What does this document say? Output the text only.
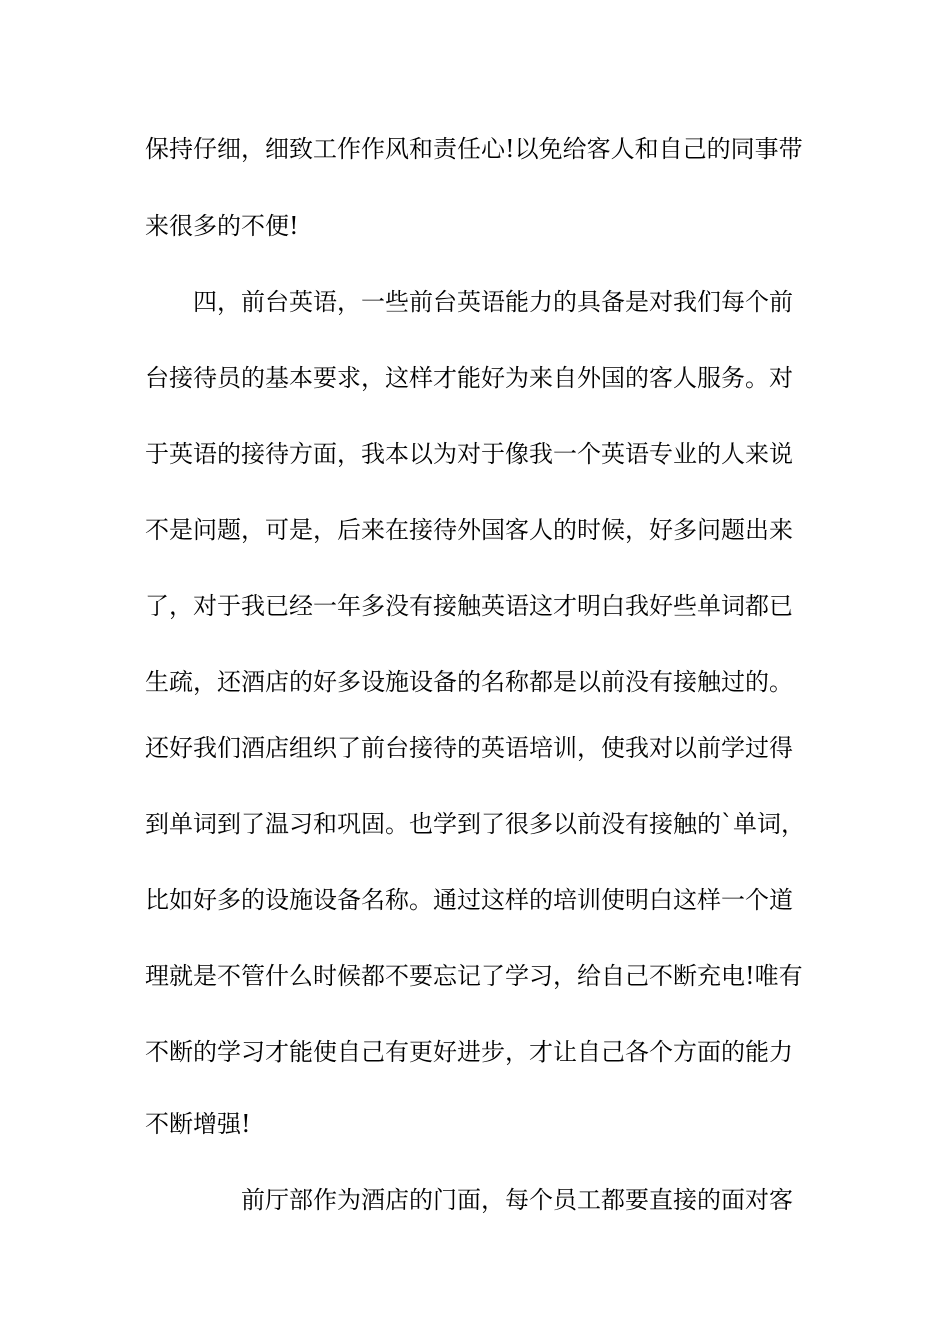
保持仔细，细致工作作风和责任心!以免给客人和自己的同事带
来很多的不便!
四，前台英语，一些前台英语能力的具备是对我们每个前
台接待员的基本要求，这样才能好为来自外国的客人服务。对
于英语的接待方面，我本以为对于像我一个英语专业的人来说
不是问题，可是，后来在接待外国客人的时候，好多问题出来
了，对于我已经一年多没有接触英语这才明白我好些单词都已
生疏，还酒店的好多设施设备的名称都是以前没有接触过的。
还好我们酒店组织了前台接待的英语培训，使我对以前学过得
到单词到了温习和巩固。也学到了很多以前没有接触的`单词，
比如好多的设施设备名称。通过这样的培训使明白这样一个道
理就是不管什么时候都不要忘记了学习，给自己不断充电!唯有
不断的学习才能使自己有更好进步，才让自己各个方面的能力
不断增强!
前厅部作为酒店的门面，每个员工都要直接的面对客
